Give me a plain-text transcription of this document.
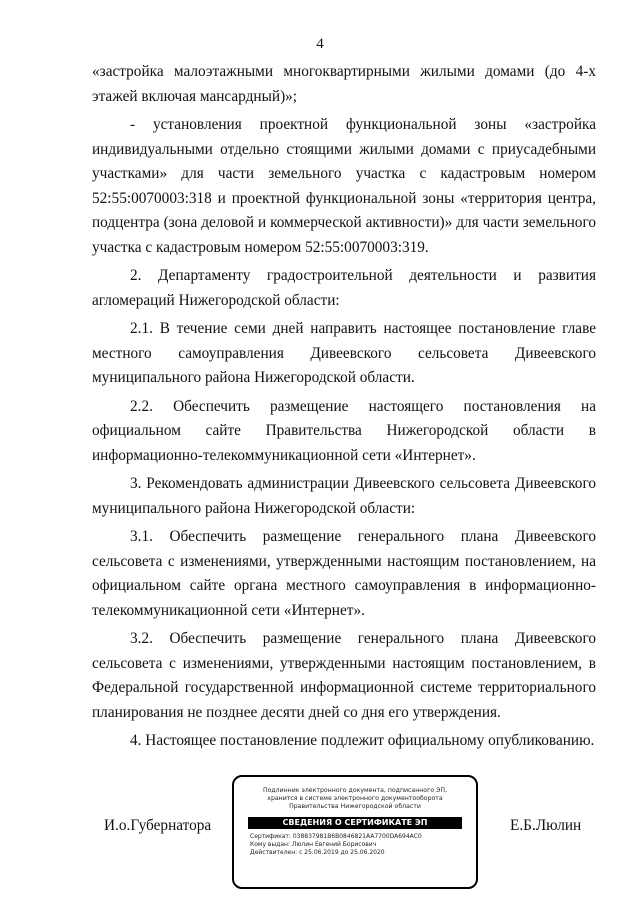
4

«застройка малоэтажными многоквартирными жилыми домами (до 4-х этажей включая мансардный)»;

- установления проектной функциональной зоны «застройка индивидуальными отдельно стоящими жилыми домами с приусадебными участками» для части земельного участка с кадастровым номером 52:55:0070003:318 и проектной функциональной зоны «территория центра, подцентра (зона деловой и коммерческой активности)» для части земельного участка с кадастровым номером 52:55:0070003:319.

2. Департаменту градостроительной деятельности и развития агломераций Нижегородской области:

2.1. В течение семи дней направить настоящее постановление главе местного самоуправления Дивеевского сельсовета Дивеевского муниципального района Нижегородской области.

2.2. Обеспечить размещение настоящего постановления на официальном сайте Правительства Нижегородской области в информационно-телекоммуникационной сети «Интернет».

3. Рекомендовать администрации Дивеевского сельсовета Дивеевского муниципального района Нижегородской области:

3.1. Обеспечить размещение генерального плана Дивеевского сельсовета с изменениями, утвержденными настоящим постановлением, на официальном сайте органа местного самоуправления в информационно-телекоммуникационной сети «Интернет».

3.2. Обеспечить размещение генерального плана Дивеевского сельсовета с изменениями, утвержденными настоящим постановлением, в Федеральной государственной информационной системе территориального планирования не позднее десяти дней со дня его утверждения.

4. Настоящее постановление подлежит официальному опубликованию.

И.о.Губернатора
Подлинник электронного документа, подписанного ЭП,
хранится в системе электронного документооборота
Правительства Нижегородской области
СВЕДЕНИЯ О СЕРТИФИКАТЕ ЭП
Сертификат: 038837981B6B0846821AA7700DA694AC0
Кому выдан: Люлин Евгений Борисович
Действителен: с 25.06.2019 до 25.06.2020
Е.Б.Люлин
